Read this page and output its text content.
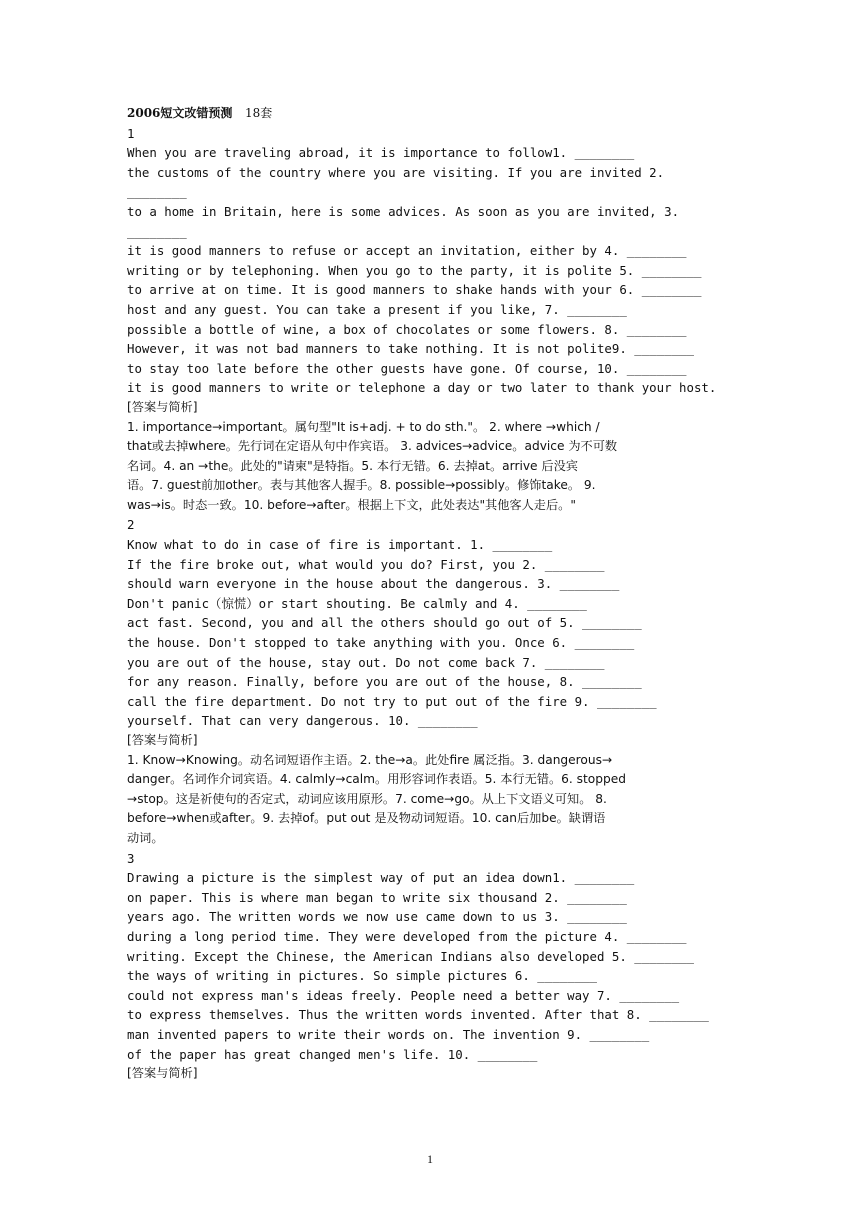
2006短文改错预测 18套
1
When you are traveling abroad, it is importance to follow1. ________
the customs of the country where you are visiting. If you are invited 2.
________
to a home in Britain, here is some advices. As soon as you are invited, 3.
________
it is good manners to refuse or accept an invitation, either by 4. ________
writing or by telephoning. When you go to the party, it is polite 5. ________
to arrive at on time. It is good manners to shake hands with your 6. ________
host and any guest. You can take a present if you like, 7. ________
possible a bottle of wine, a box of chocolates or some flowers. 8. ________
However, it was not bad manners to take nothing. It is not polite9. ________
to stay too late before the other guests have gone. Of course, 10. ________
it is good manners to write or telephone a day or two later to thank your host.
[答案与简析]
1. importance→important。属句型"It is+adj. + to do sth."。 2. where →which /
that或去掉where。先行词在定语从句中作宾语。 3. advices→advice。advice 为不可数
名词。4. an →the。此处的"请柬"是特指。5. 本行无错。6. 去掉at。arrive 后没宾
语。7. guest前加other。表与其他客人握手。8. possible→possibly。修饰take。 9.
was→is。时态一致。10. before→after。根据上下文，此处表达"其他客人走后。"
2
Know what to do in case of fire is important. 1. ________
If the fire broke out, what would you do? First, you 2. ________
should warn everyone in the house about the dangerous. 3. ________
Don't panic（惊慌）or start shouting. Be calmly and 4. ________
act fast. Second, you and all the others should go out of 5. ________
the house. Don't stopped to take anything with you. Once 6. ________
you are out of the house, stay out. Do not come back 7. ________
for any reason. Finally, before you are out of the house, 8. ________
call the fire department. Do not try to put out of the fire 9. ________
yourself. That can very dangerous. 10. ________
[答案与简析]
1. Know→Knowing。动名词短语作主语。2. the→a。此处fire 属泛指。3. dangerous→
danger。名词作介词宾语。4. calmly→calm。用形容词作表语。5. 本行无错。6. stopped
→stop。这是祈使句的否定式，动词应该用原形。7. come→go。从上下文语义可知。 8.
before→when或after。9. 去掉of。put out 是及物动词短语。10. can后加be。缺谓语
动词。
3
Drawing a picture is the simplest way of put an idea down1. ________
on paper. This is where man began to write six thousand 2. ________
years ago. The written words we now use came down to us 3. ________
during a long period time. They were developed from the picture 4. ________
writing. Except the Chinese, the American Indians also developed 5. ________
the ways of writing in pictures. So simple pictures 6. ________
could not express man's ideas freely. People need a better way 7. ________
to express themselves. Thus the written words invented. After that 8. ________
man invented papers to write their words on. The invention 9. ________
of the paper has great changed men's life. 10. ________
[答案与简析]
1
